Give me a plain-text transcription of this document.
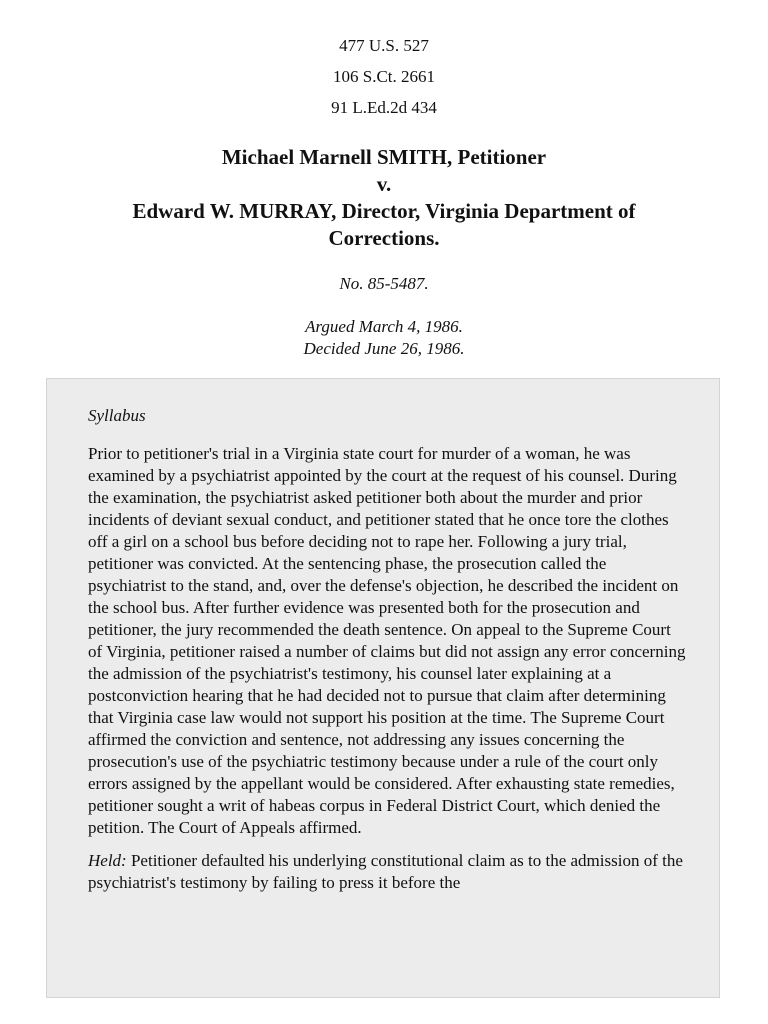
477 U.S. 527
106 S.Ct. 2661
91 L.Ed.2d 434
Michael Marnell SMITH, Petitioner
v.
Edward W. MURRAY, Director, Virginia Department of
Corrections.
No. 85-5487.
Argued March 4, 1986.
Decided June 26, 1986.

Syllabus

Prior to petitioner's trial in a Virginia state court for murder of a woman, he was examined by a psychiatrist appointed by the court at the request of his counsel. During the examination, the psychiatrist asked petitioner both about the murder and prior incidents of deviant sexual conduct, and petitioner stated that he once tore the clothes off a girl on a school bus before deciding not to rape her. Following a jury trial, petitioner was convicted. At the sentencing phase, the prosecution called the psychiatrist to the stand, and, over the defense's objection, he described the incident on the school bus. After further evidence was presented both for the prosecution and petitioner, the jury recommended the death sentence. On appeal to the Supreme Court of Virginia, petitioner raised a number of claims but did not assign any error concerning the admission of the psychiatrist's testimony, his counsel later explaining at a postconviction hearing that he had decided not to pursue that claim after determining that Virginia case law would not support his position at the time. The Supreme Court affirmed the conviction and sentence, not addressing any issues concerning the prosecution's use of the psychiatric testimony because under a rule of the court only errors assigned by the appellant would be considered. After exhausting state remedies, petitioner sought a writ of habeas corpus in Federal District Court, which denied the petition. The Court of Appeals affirmed.

Held: Petitioner defaulted his underlying constitutional claim as to the admission of the psychiatrist's testimony by failing to press it before the
